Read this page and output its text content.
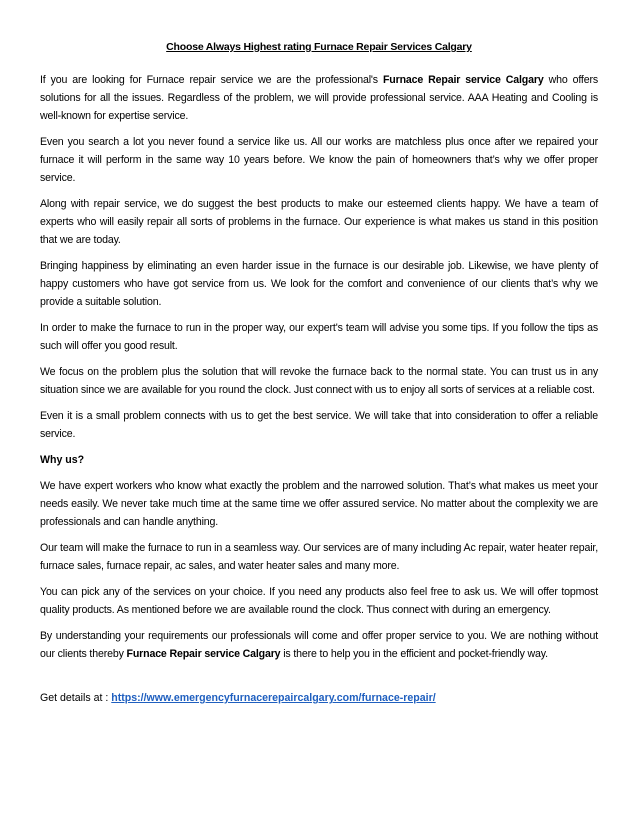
Choose Always Highest rating Furnace Repair Services Calgary

If you are looking for Furnace repair service we are the professional's Furnace Repair service Calgary who offers solutions for all the issues. Regardless of the problem, we will provide professional service. AAA Heating and Cooling is well-known for expertise service.

Even you search a lot you never found a service like us. All our works are matchless plus once after we repaired your furnace it will perform in the same way 10 years before. We know the pain of homeowners that’s why we offer proper service.

Along with repair service, we do suggest the best products to make our esteemed clients happy. We have a team of experts who will easily repair all sorts of problems in the furnace. Our experience is what makes us stand in this position that we are today.

Bringing happiness by eliminating an even harder issue in the furnace is our desirable job. Likewise, we have plenty of happy customers who have got service from us. We look for the comfort and convenience of our clients that’s why we provide a suitable solution.

In order to make the furnace to run in the proper way, our expert's team will advise you some tips. If you follow the tips as such will offer you good result.

We focus on the problem plus the solution that will revoke the furnace back to the normal state. You can trust us in any situation since we are available for you round the clock. Just connect with us to enjoy all sorts of services at a reliable cost.

Even it is a small problem connects with us to get the best service. We will take that into consideration to offer a reliable service.

Why us?

We have expert workers who know what exactly the problem and the narrowed solution. That’s what makes us meet your needs easily. We never take much time at the same time we offer assured service. No matter about the complexity we are professionals and can handle anything.

Our team will make the furnace to run in a seamless way. Our services are of many including Ac repair, water heater repair, furnace sales, furnace repair, ac sales, and water heater sales and many more.

You can pick any of the services on your choice. If you need any products also feel free to ask us. We will offer topmost quality products. As mentioned before we are available round the clock. Thus connect with during an emergency.

By understanding your requirements our professionals will come and offer proper service to you. We are nothing without our clients thereby Furnace Repair service Calgary is there to help you in the efficient and pocket-friendly way.

Get details at : https://www.emergencyfurnacerepaircalgary.com/furnace-repair/
